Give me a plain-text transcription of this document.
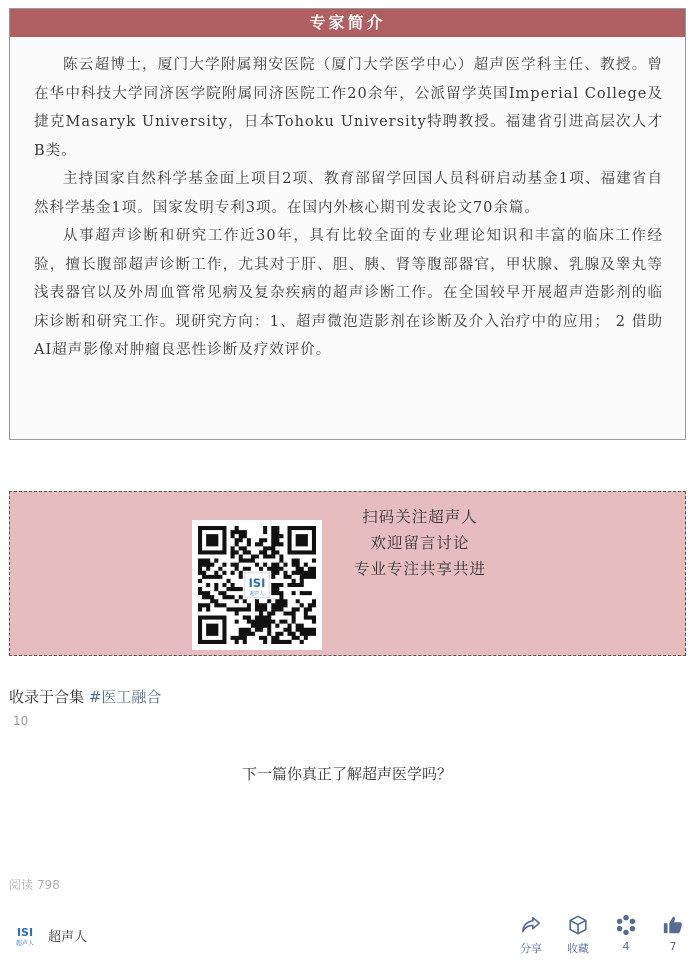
专家简介

陈云超博士，厦门大学附属翔安医院（厦门大学医学中心）超声医学科主任、教授。曾在华中科技大学同济医学院附属同济医院工作20余年，公派留学英国Imperial College及捷克Masaryk University，日本Tohoku University特聘教授。福建省引进高层次人才B类。

主持国家自然科学基金面上项目2项、教育部留学回国人员科研启动基金1项、福建省自然科学基金1项。国家发明专利3项。在国内外核心期刊发表论文70余篇。

从事超声诊断和研究工作近30年，具有比较全面的专业理论知识和丰富的临床工作经验，擅长腹部超声诊断工作，尤其对于肝、胆、胰、肾等腹部器官，甲状腺、乳腺及睾丸等浅表器官以及外周血管常见病及复杂疾病的超声诊断工作。在全国较早开展超声造影剂的临床诊断和研究工作。现研究方向：1、超声微泡造影剂在诊断及介入治疗中的应用； 2 借助AI超声影像对肿瘤良恶性诊断及疗效评价。

ISI
超声人
扫码关注超声人
欢迎留言讨论
专业专注共享共进
收录于合集 #医工融合
10
下一篇你真正了解超声医学吗？
阅读 798
ISI
超声人 超声人
分享	收藏	4	7
